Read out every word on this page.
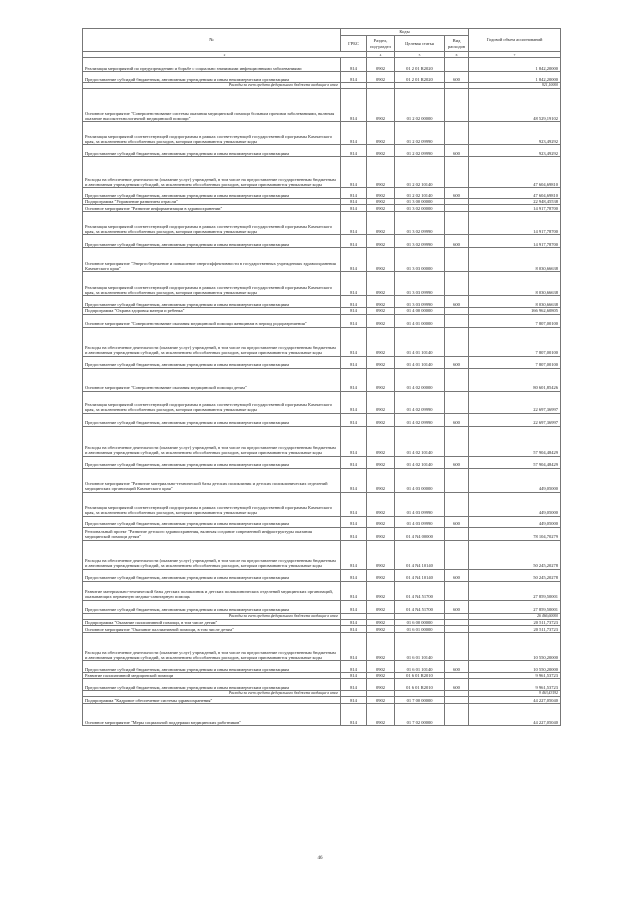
№	Коды				Годовой объем ассигнований
	ГРБС	Раздел, под-раздел	Целевая статья	Вид расходов	
2		4	5	6	7
Реализация мероприятий по предупреждению и борьбе с социально значимыми инфекционными заболеваниями	814	0902	01 2 01 R2020		1 842,20000
Предоставление субсидий бюджетным, автономным учреждениям и иным некоммерческим организациям	814	0902	01 2 01 R2020	600	1 842,20000
Расходы за счет средств федерального бюджета входящие в итог					921,10000
Основное мероприятие "Совершенствование системы оказания медицинской помощи больным прочими заболеваниями, включая оказание высокотехнологичной медицинской помощи"	814	0902	01 2 02 00000		48 529,19102
Реализация мероприятий соответствующей подпрограммы в рамках соответствующей государственной программы Камчатского края, за исключением обособленных расходов, которым присваиваются уникальные коды	814	0902	01 2 02 09990		923,49292
Предоставление субсидий бюджетным, автономным учреждениям и иным некоммерческим организациям	814	0902	01 2 02 09990	600	923,49292
Расходы на обеспечение деятельности (оказание услуг) учреждений, в том числе на предоставление государственным бюджетным и автономным учреждениям субсидий, за исключением обособленных расходов, которым присваиваются уникальные коды	814	0902	01 2 02 10140		47 604,69810
Предоставление субсидий бюджетным, автономным учреждениям и иным некоммерческим организациям	814	0902	01 2 02 10140	600	47 604,69810
Подпрограмма "Управление развитием отрасли"	814	0902	01 3 00 00000		22 948,45538
Основное мероприятие "Развитие информатизации в здравоохранении"	814	0902	01 3 02 00000		14 917,78700
Реализация мероприятий соответствующей подпрограммы в рамках соответствующей государственной программы Камчатского края, за исключением обособленных расходов, которым присваиваются уникальные коды	814	0902	01 3 02 09990		14 917,78700
Предоставление субсидий бюджетным, автономным учреждениям и иным некоммерческим организациям	814	0902	01 3 02 09990	600	14 917,78700
Основное мероприятие "Энергосбережение и повышение энергоэффективности в государственных учреждениях здравоохранения Камчатского края"	814	0902	01 3 03 00000		8 030,66638
Реализация мероприятий соответствующей подпрограммы в рамках соответствующей государственной программы Камчатского края, за исключением обособленных расходов, которым присваиваются уникальные коды	814	0902	01 3 03 09990		8 030,66638
Предоставление субсидий бюджетным, автономным учреждениям и иным некоммерческим организациям	814	0902	01 3 03 09990	600	8 030,66638
Подпрограмма "Охрана здоровья матери и ребенка"	814	0902	01 4 00 00000		166 962,60805
Основное мероприятие "Совершенствование оказания медицинской помощи женщинам в период родоразрешения"	814	0902	01 4 01 00000		7 807,00100
Расходы на обеспечение деятельности (оказание услуг) учреждений, в том числе на предоставление государственным бюджетным и автономным учреждениям субсидий, за исключением обособленных расходов, которым присваиваются уникальные коды	814	0902	01 4 01 10140		7 807,00100
Предоставление субсидий бюджетным, автономным учреждениям и иным некоммерческим организациям	814	0902	01 4 01 10140	600	7 807,00100
Основное мероприятие "Совершенствование оказания медицинской помощи детям"	814	0902	01 4 02 00000		80 601,85426
Реализация мероприятий соответствующей подпрограммы в рамках соответствующей государственной программы Камчатского края, за исключением обособленных расходов, которым присваиваются уникальные коды	814	0902	01 4 02 09990		22 697,36997
Предоставление субсидий бюджетным, автономным учреждениям и иным некоммерческим организациям	814	0902	01 4 02 09990	600	22 697,36997
Расходы на обеспечение деятельности (оказание услуг) учреждений, в том числе на предоставление государственным бюджетным и автономным учреждениям субсидий, за исключением обособленных расходов, которым присваиваются уникальные коды	814	0902	01 4 02 10140		57 904,48429
Предоставление субсидий бюджетным, автономным учреждениям и иным некоммерческим организациям	814	0902	01 4 02 10140	600	57 904,48429
Основное мероприятие "Развитие материально-технической базы детских поликлиник и детских поликлинических отделений медицинских организаций Камчатского края"	814	0902	01 4 03 00000		449,05000
Реализация мероприятий соответствующей подпрограммы в рамках соответствующей государственной программы Камчатского края, за исключением обособленных расходов, которым присваиваются уникальные коды	814	0902	01 4 03 09990		449,05000
Предоставление субсидий бюджетным, автономным учреждениям и иным некоммерческим организациям	814	0902	01 4 03 09990	600	449,05000
Региональный проект "Развитие детского здравоохранения, включая создание современной инфраструктуры оказания медицинской помощи детям"	814	0902	01 4 N4 00000		78 104,70279
Расходы на обеспечение деятельности (оказание услуг) учреждений, в том числе на предоставление государственным бюджетным и автономным учреждениям субсидий, за исключением обособленных расходов, которым присваиваются уникальные коды	814	0902	01 4 N4 10140		50 245,20278
Предоставление субсидий бюджетным, автономным учреждениям и иным некоммерческим организациям	814	0902	01 4 N4 10140	600	50 245,20278
Развитие материально-технической базы детских поликлиник и детских поликлинических отделений медицинских организаций, оказывающих первичную медико-санитарную помощь	814	0902	01 4 N4 51700		27 859,50001
Предоставление субсидий бюджетным, автономным учреждениям и иным некоммерческим организациям	814	0902	01 4 N4 51700	600	27 859,50001
Расходы за счет средств федерального бюджета входящие в итог					26 466,60000
Подпрограмма "Оказание паллиативной помощи, в том числе детям"	814	0902	01 6 00 00000		20 511,73723
Основное мероприятие "Оказание паллиативной помощи, в том числе детям"	814	0902	01 6 01 00000		20 511,73723
Расходы на обеспечение деятельности (оказание услуг) учреждений, в том числе на предоставление государственным бюджетным и автономным учреждениям субсидий, за исключением обособленных расходов, которым присваиваются уникальные коды	814	0902	01 6 01 10140		10 550,20000
Предоставление субсидий бюджетным, автономным учреждениям и иным некоммерческим организациям	814	0902	01 6 01 10140	600	10 550,20000
Развитие паллиативной медицинской помощи	814	0902	01 6 01 R2010		9 961,53723
Предоставление субсидий бюджетным, автономным учреждениям и иным некоммерческим организациям	814	0902	01 6 01 R2010	600	9 961,53723
Расходы за счет средств федерального бюджета входящие в итог					9 463,43192
Подпрограмма "Кадровое обеспечение системы здравоохранения"	814	0902	01 7 00 00000		44 227,05040
Основное мероприятие "Меры социальной поддержки медицинских работников"	814	0902	01 7 02 00000		44 227,05040
46
